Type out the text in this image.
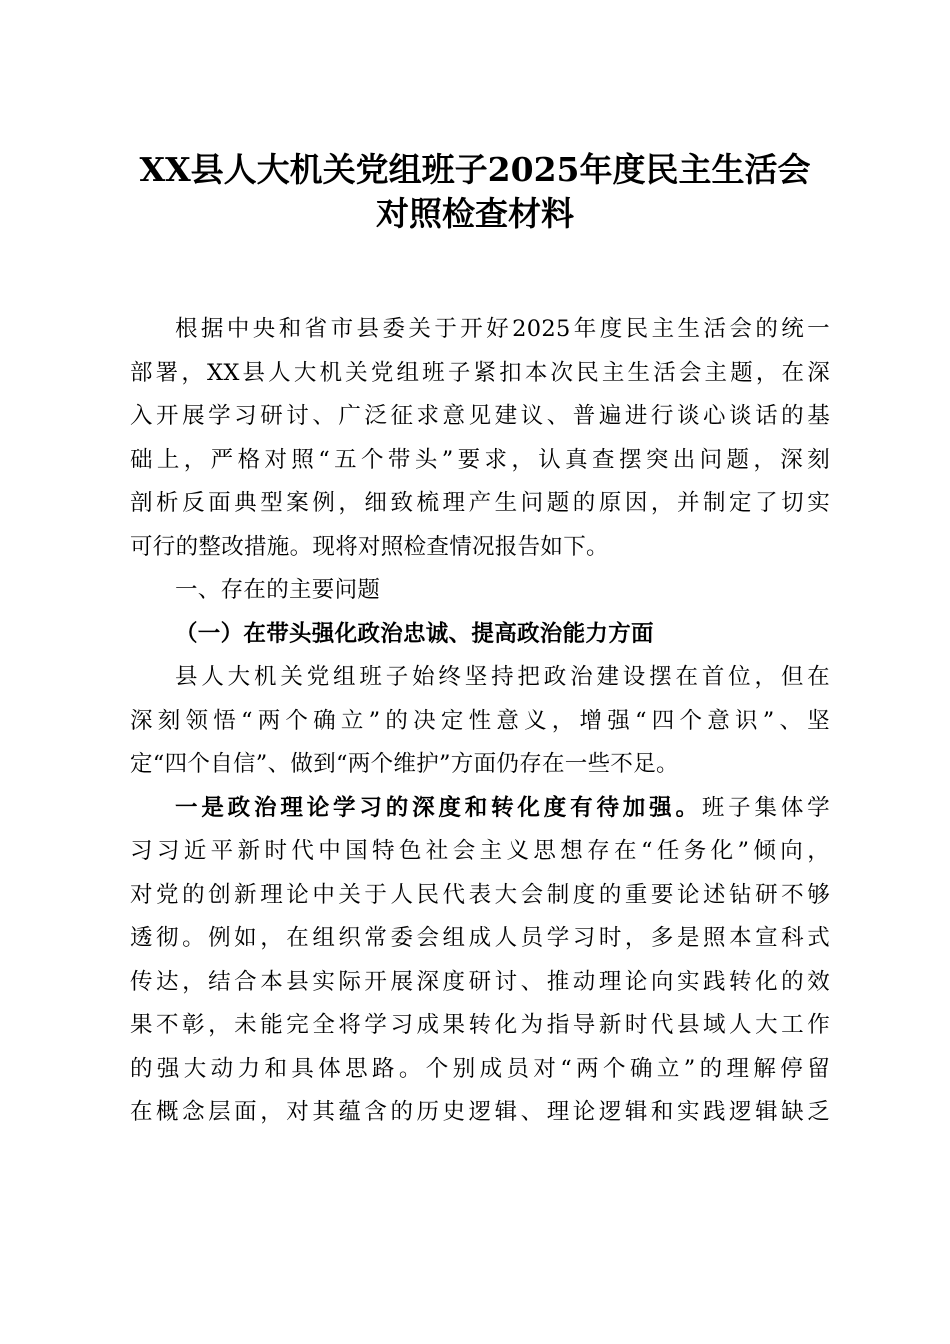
XX县人大机关党组班子2025年度民主生活会
对照检查材料
根据中央和省市县委关于开好2025年度民主生活会的统一
部署，XX县人大机关党组班子紧扣本次民主生活会主题，在深
入开展学习研讨、广泛征求意见建议、普遍进行谈心谈话的基
础上，严格对照“五个带头”要求，认真查摆突出问题，深刻
剖析反面典型案例，细致梳理产生问题的原因，并制定了切实
可行的整改措施。现将对照检查情况报告如下。
一、存在的主要问题
（一）在带头强化政治忠诚、提高政治能力方面
县人大机关党组班子始终坚持把政治建设摆在首位，但在
深刻领悟“两个确立”的决定性意义，增强“四个意识”、坚
定“四个自信”、做到“两个维护”方面仍存在一些不足。
一是政治理论学习的深度和转化度有待加强。班子集体学
习习近平新时代中国特色社会主义思想存在“任务化”倾向，
对党的创新理论中关于人民代表大会制度的重要论述钻研不够
透彻。例如，在组织常委会组成人员学习时，多是照本宣科式
传达，结合本县实际开展深度研讨、推动理论向实践转化的效
果不彰，未能完全将学习成果转化为指导新时代县域人大工作
的强大动力和具体思路。个别成员对“两个确立”的理解停留
在概念层面，对其蕴含的历史逻辑、理论逻辑和实践逻辑缺乏
